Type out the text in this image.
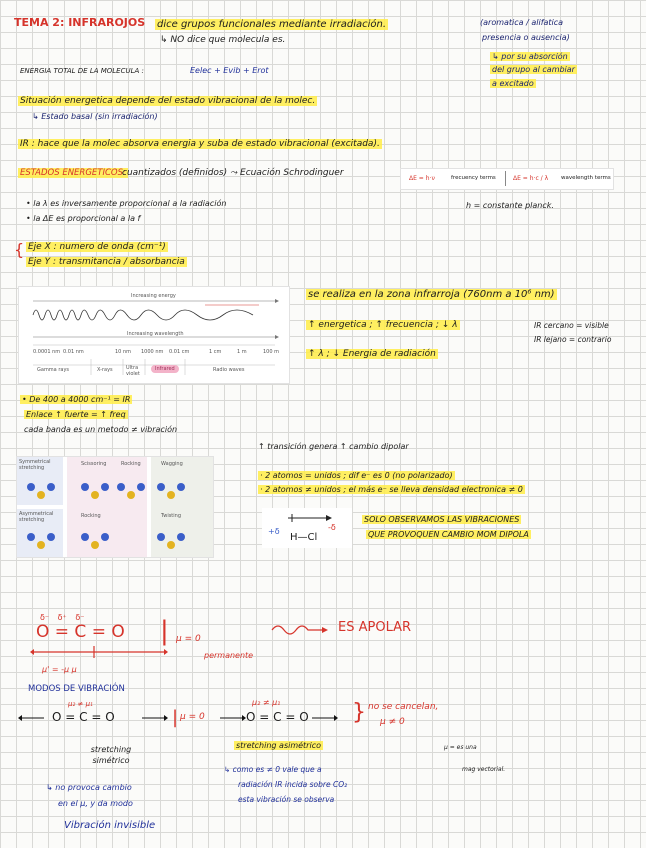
TEMA 2: INFRAROJOS dice grupos funcionales mediante irradiación.
↳ NO dice que molecula es.
(aromatica / alifatica
presencia o ausencia)
↳ por su absorción
del grupo al cambiar
a excitado
ENERGIA TOTAL DE LA MOLECULA :	Eelec + Evib + Erot
Situación energetica depende del estado vibracional de la molec.
↳ Estado basal (sin irradiación)
IR : hace que la molec absorva energia y suba de estado vibracional (excitada).
ESTADOS ENERGETICOS:
cuantizados (definidos) ⤳ Ecuación Schrodinguer
ΔE = h·ν	frecuency terms	ΔE = h·c / λ wavelength terms
• la λ es inversamente proporcional a la radiación
• la ΔE es proporcional a la f
h = constante planck.
{ Eje X : numero de onda (cm⁻¹)
Eje Y : transmitancia / absorbancia
Increasing energy
Increasing wavelength
0.0001 nm 0.01 nm	10 nm 1000 nm 0.01 cm	1 cm	1 m	100 m
Gamma rays	X-rays	Ultra violet
Infrared	Radio waves
se realiza en la zona infrarroja (760nm a 10⁶ nm)
↑ energetica ; ↑ frecuencia ; ↓ λ
↑ λ ; ↓ Energia de radiación
IR cercano = visible
IR lejano = contrario
• De 400 a 4000 cm⁻¹ = IR
Enlace ↑ fuerte = ↑ freq
cada banda es un metodo ≠ vibración
Symmetrical stretching
Scissoring	Rocking	Wagging
Asymmetrical stretching
Rocking	Twisting
↑ transición genera ↑ cambio dipolar
· 2 atomos = unidos ; dif e⁻ es 0 (no polarizado)
· 2 atomos ≠ unidos ; el más e⁻ se lleva densidad electronica ≠ 0
+δ
H—Cl
-δ
SOLO OBSERVAMOS LAS VIBRACIONES
QUE PROVOQUEN CAMBIO MOM DIPOLA
δ⁻ δ⁺ δ⁻
O = C = O
μ' = -μ μ
| μ = 0
permanente
ES APOLAR
MODOS DE VIBRACIÓN
O = C = O
μ₂ ≠ μ₁
| μ = 0
stretching simétrico
μ₂ ≠ μ₁
O = C = O
stretching asimétrico
} no se cancelan,
μ ≠ 0
μ = es una
mag vectorial.
↳ no provoca cambio
en el μ, y da modo
Vibración invisible
↳ como es ≠ 0 vale que a
radiación IR incida sobre CO₂
esta vibración se observa
